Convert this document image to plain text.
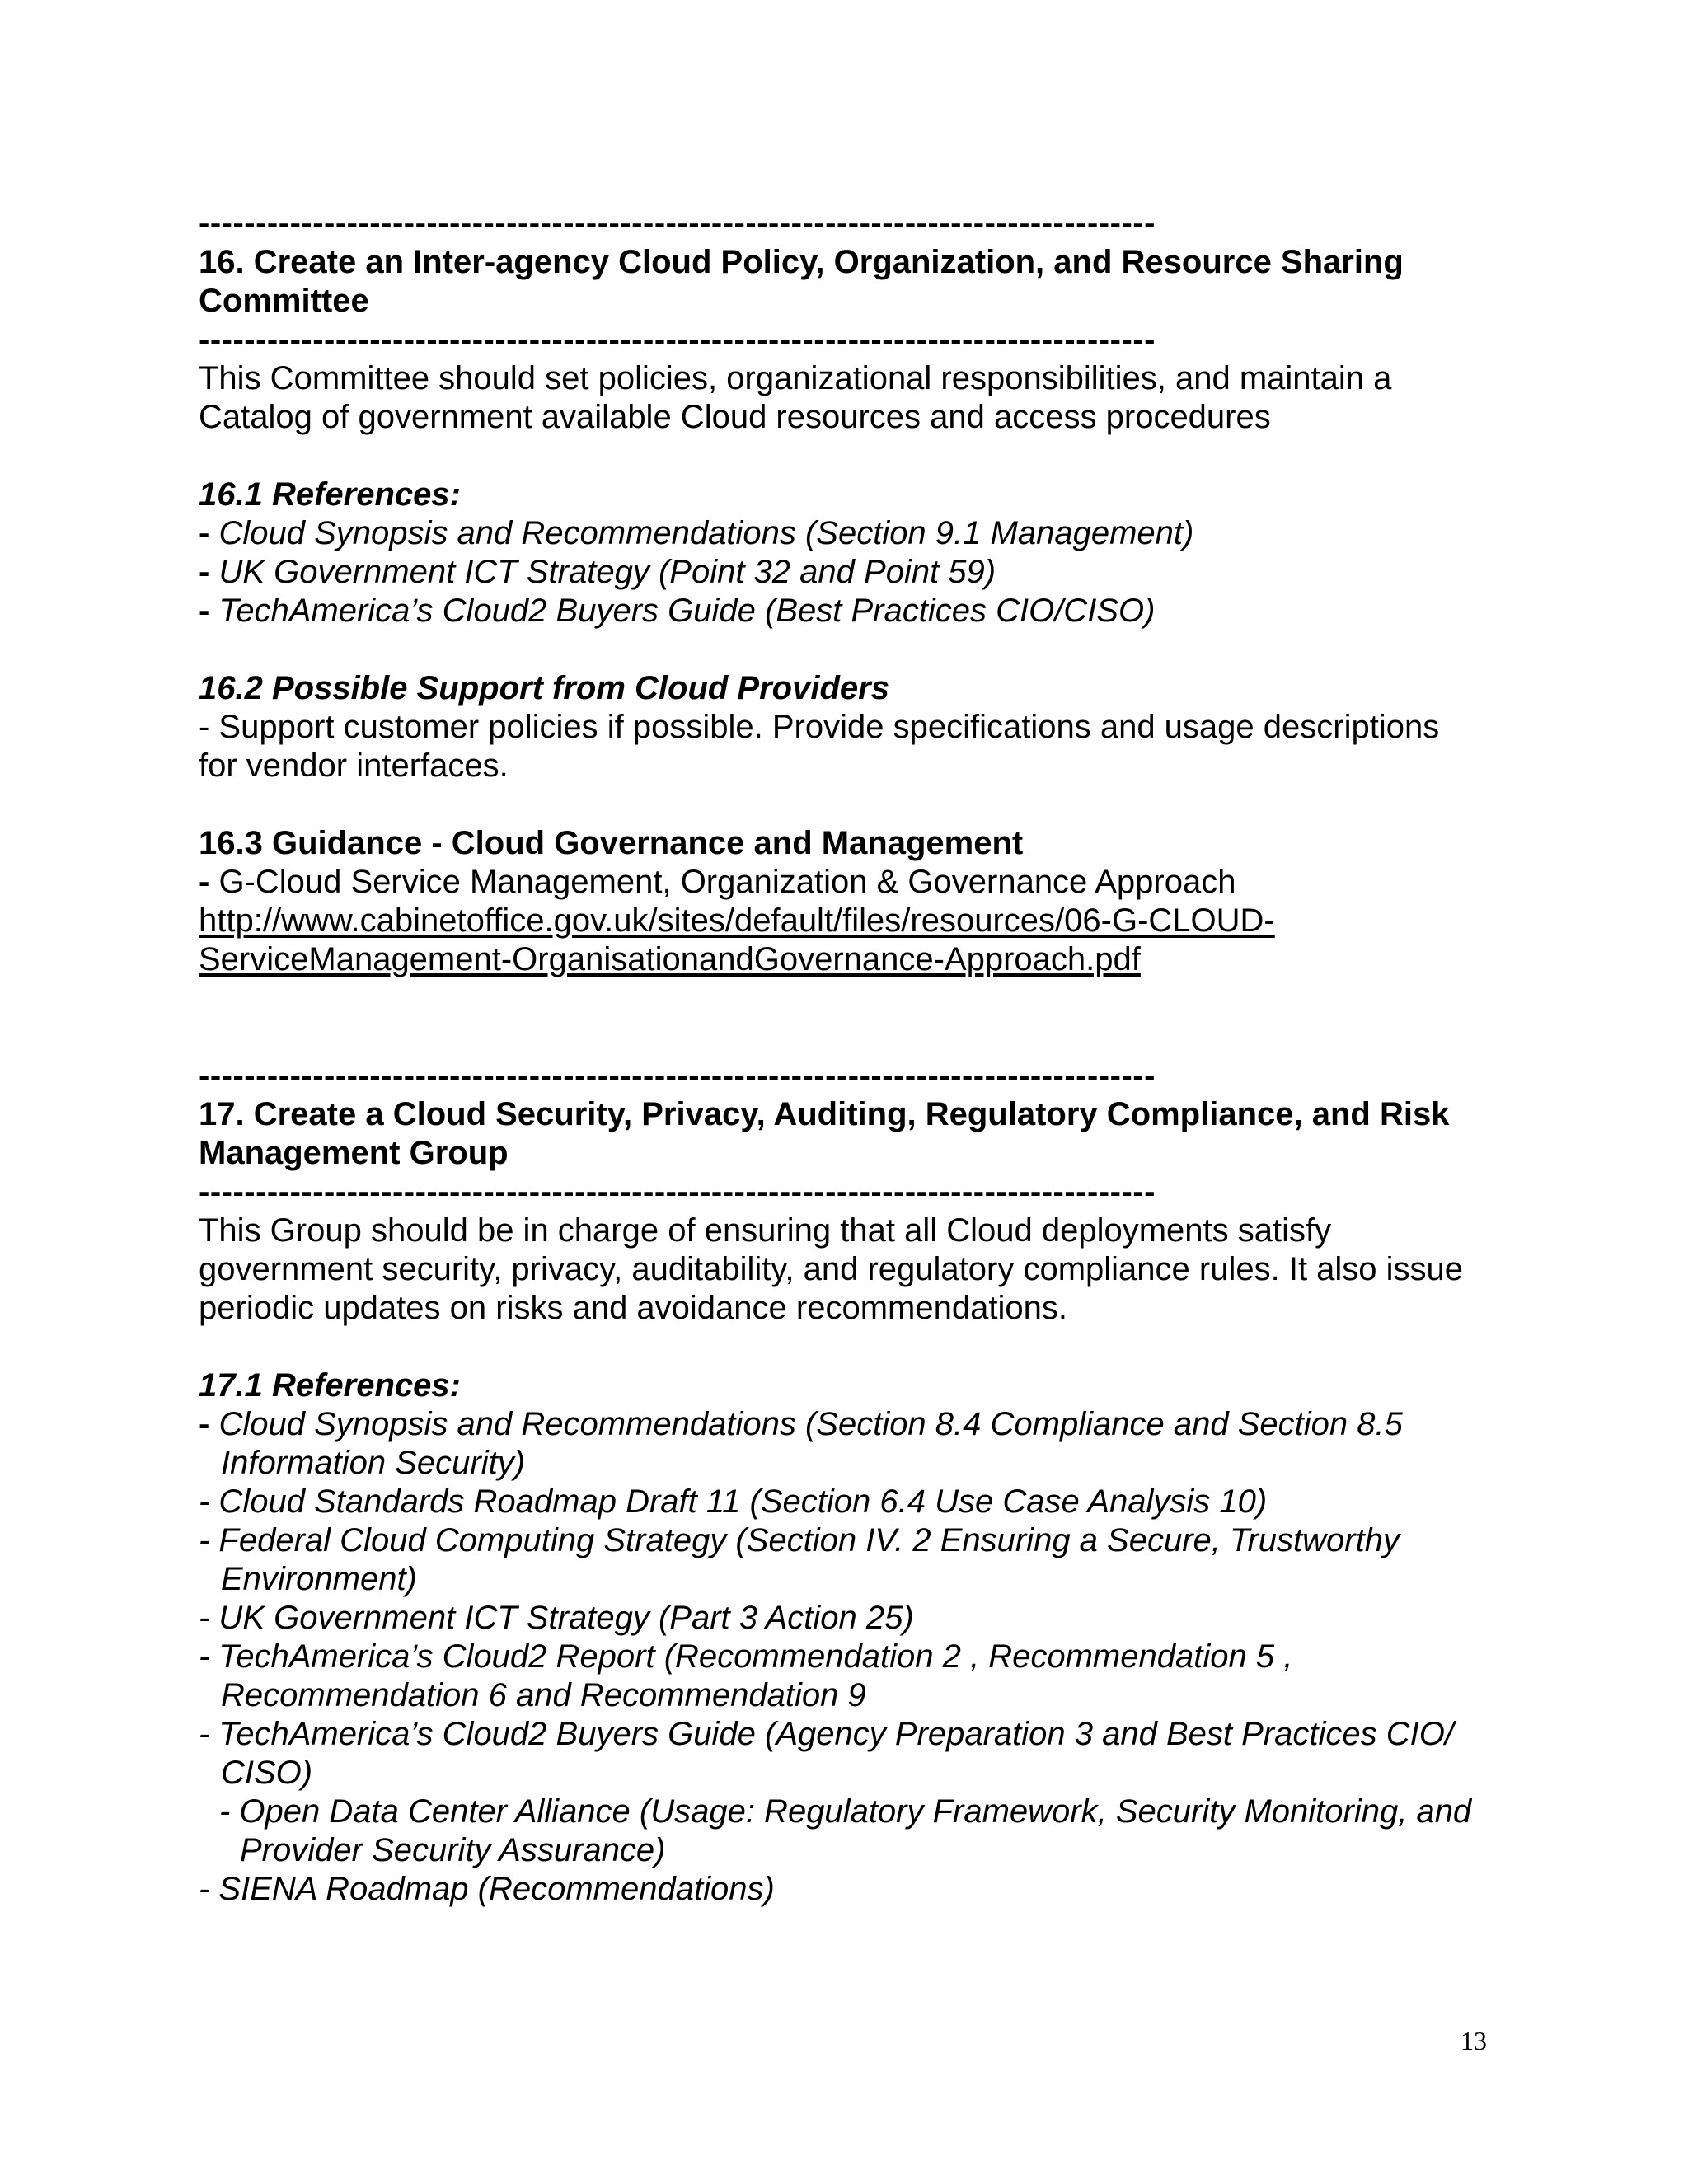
------------------------------------------------------------------------------------
16. Create an Inter-agency Cloud Policy, Organization, and Resource Sharing
Committee
------------------------------------------------------------------------------------
This Committee should set policies, organizational responsibilities, and maintain a
Catalog of government available Cloud resources and access procedures
16.1 References:
- Cloud Synopsis and Recommendations (Section 9.1 Management)
- UK Government ICT Strategy (Point 32 and Point 59)
- TechAmerica’s Cloud2 Buyers Guide (Best Practices CIO/CISO)
16.2 Possible Support from Cloud Providers
- Support customer policies if possible. Provide specifications and usage descriptions
for vendor interfaces.
16.3 Guidance - Cloud Governance and Management
- G-Cloud Service Management, Organization & Governance Approach
http://www.cabinetoffice.gov.uk/sites/default/files/resources/06-G-CLOUD-
ServiceManagement-OrganisationandGovernance-Approach.pdf
------------------------------------------------------------------------------------
17. Create a Cloud Security, Privacy, Auditing, Regulatory Compliance, and Risk
Management Group
------------------------------------------------------------------------------------
This Group should be in charge of ensuring that all Cloud deployments satisfy
government security, privacy, auditability, and regulatory compliance rules. It also issue
periodic updates on risks and avoidance recommendations.
17.1 References:
- Cloud Synopsis and Recommendations (Section 8.4 Compliance and Section 8.5
Information Security)
- Cloud Standards Roadmap Draft 11 (Section 6.4 Use Case Analysis 10)
- Federal Cloud Computing Strategy (Section IV. 2 Ensuring a Secure, Trustworthy
Environment)
- UK Government ICT Strategy (Part 3 Action 25)
- TechAmerica’s Cloud2 Report (Recommendation 2 , Recommendation 5 ,
Recommendation 6 and Recommendation 9
- TechAmerica’s Cloud2 Buyers Guide (Agency Preparation 3 and Best Practices CIO/
CISO)
- Open Data Center Alliance (Usage: Regulatory Framework, Security Monitoring, and
Provider Security Assurance)
- SIENA Roadmap (Recommendations)
13
